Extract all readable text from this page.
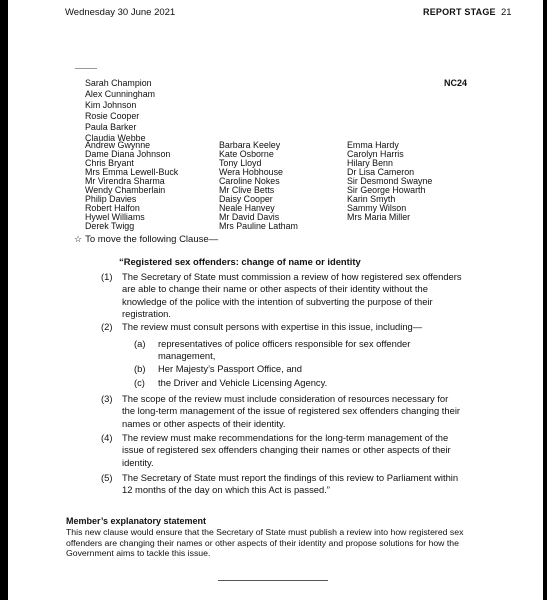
Wednesday 30 June 2021	REPORT STAGE 21
NC24
Sarah Champion
Alex Cunningham
Kim Johnson
Rosie Cooper
Paula Barker
Claudia Webbe
Andrew Gwynne
Dame Diana Johnson
Chris Bryant
Mrs Emma Lewell-Buck
Mr Virendra Sharma
Wendy Chamberlain
Philip Davies
Robert Halfon
Hywel Williams
Derek Twigg
Barbara Keeley
Kate Osborne
Tony Lloyd
Wera Hobhouse
Caroline Nokes
Mr Clive Betts
Daisy Cooper
Neale Hanvey
Mr David Davis
Mrs Pauline Latham
Emma Hardy
Carolyn Harris
Hilary Benn
Dr Lisa Cameron
Sir Desmond Swayne
Sir George Howarth
Karin Smyth
Sammy Wilson
Mrs Maria Miller
☆ To move the following Clause—
“Registered sex offenders: change of name or identity
(1) The Secretary of State must commission a review of how registered sex offenders are able to change their name or other aspects of their identity without the knowledge of the police with the intention of subverting the purpose of their registration.
(2) The review must consult persons with expertise in this issue, including—
(a) representatives of police officers responsible for sex offender management,
(b) Her Majesty’s Passport Office, and
(c) the Driver and Vehicle Licensing Agency.
(3) The scope of the review must include consideration of resources necessary for the long-term management of the issue of registered sex offenders changing their names or other aspects of their identity.
(4) The review must make recommendations for the long-term management of the issue of registered sex offenders changing their names or other aspects of their identity.
(5) The Secretary of State must report the findings of this review to Parliament within 12 months of the day on which this Act is passed.”
Member’s explanatory statement
This new clause would ensure that the Secretary of State must publish a review into how registered sex offenders are changing their names or other aspects of their identity and propose solutions for how the Government aims to tackle this issue.
